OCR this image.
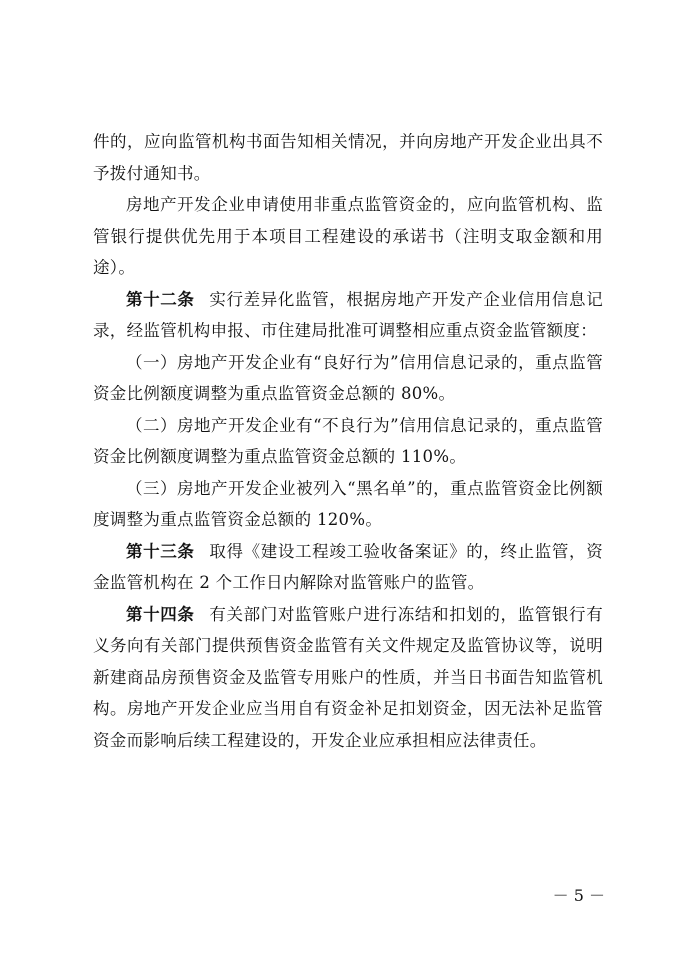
件的，应向监管机构书面告知相关情况，并向房地产开发企业出具不予拨付通知书。

房地产开发企业申请使用非重点监管资金的，应向监管机构、监管银行提供优先用于本项目工程建设的承诺书（注明支取金额和用途）。

第十二条 实行差异化监管，根据房地产开发产企业信用信息记录，经监管机构申报、市住建局批准可调整相应重点资金监管额度：

（一）房地产开发企业有“良好行为”信用信息记录的，重点监管资金比例额度调整为重点监管资金总额的 80%。

（二）房地产开发企业有“不良行为”信用信息记录的，重点监管资金比例额度调整为重点监管资金总额的 110%。

（三）房地产开发企业被列入“黑名单”的，重点监管资金比例额度调整为重点监管资金总额的 120%。

第十三条 取得《建设工程竣工验收备案证》的，终止监管，资金监管机构在 2 个工作日内解除对监管账户的监管。

第十四条 有关部门对监管账户进行冻结和扣划的，监管银行有义务向有关部门提供预售资金监管有关文件规定及监管协议等，说明新建商品房预售资金及监管专用账户的性质，并当日书面告知监管机构。房地产开发企业应当用自有资金补足扣划资金，因无法补足监管资金而影响后续工程建设的，开发企业应承担相应法律责任。

－ 5 －
